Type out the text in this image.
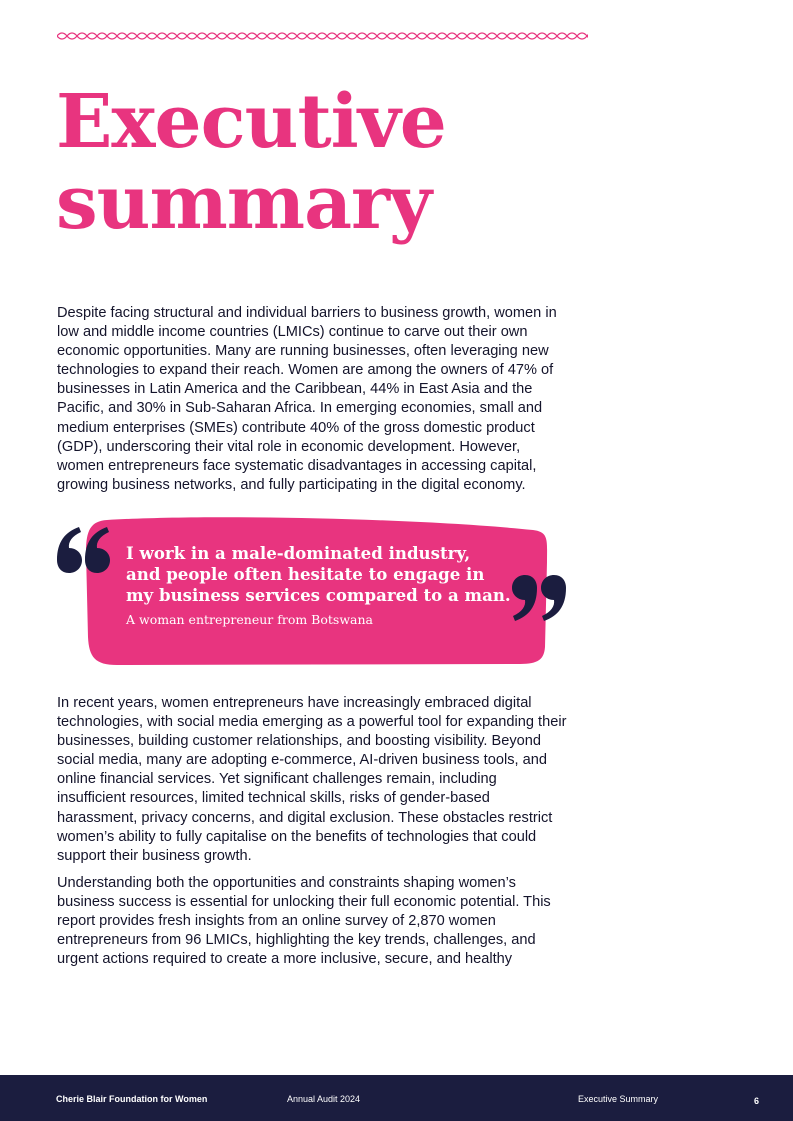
Executive
summary

Despite facing structural and individual barriers to business growth, women in low and middle income countries (LMICs) continue to carve out their own economic opportunities. Many are running businesses, often leveraging new technologies to expand their reach. Women are among the owners of 47% of businesses in Latin America and the Caribbean, 44% in East Asia and the Pacific, and 30% in Sub-Saharan Africa. In emerging economies, small and medium enterprises (SMEs) contribute 40% of the gross domestic product (GDP), underscoring their vital role in economic development. However, women entrepreneurs face systematic disadvantages in accessing capital, growing business networks, and fully participating in the digital economy.

I work in a male-dominated industry,
and people often hesitate to engage in
my business services compared to a man.

A woman entrepreneur from Botswana

In recent years, women entrepreneurs have increasingly embraced digital technologies, with social media emerging as a powerful tool for expanding their businesses, building customer relationships, and boosting visibility. Beyond social media, many are adopting e-commerce, AI-driven business tools, and online financial services. Yet significant challenges remain, including insufficient resources, limited technical skills, risks of gender-based harassment, privacy concerns, and digital exclusion. These obstacles restrict women’s ability to fully capitalise on the benefits of technologies that could support their business growth.

Understanding both the opportunities and constraints shaping women’s business success is essential for unlocking their full economic potential. This report provides fresh insights from an online survey of 2,870 women entrepreneurs from 96 LMICs, highlighting the key trends, challenges, and urgent actions required to create a more inclusive, secure, and healthy

Cherie Blair Foundation for Women	Annual Audit 2024	Executive Summary	6
